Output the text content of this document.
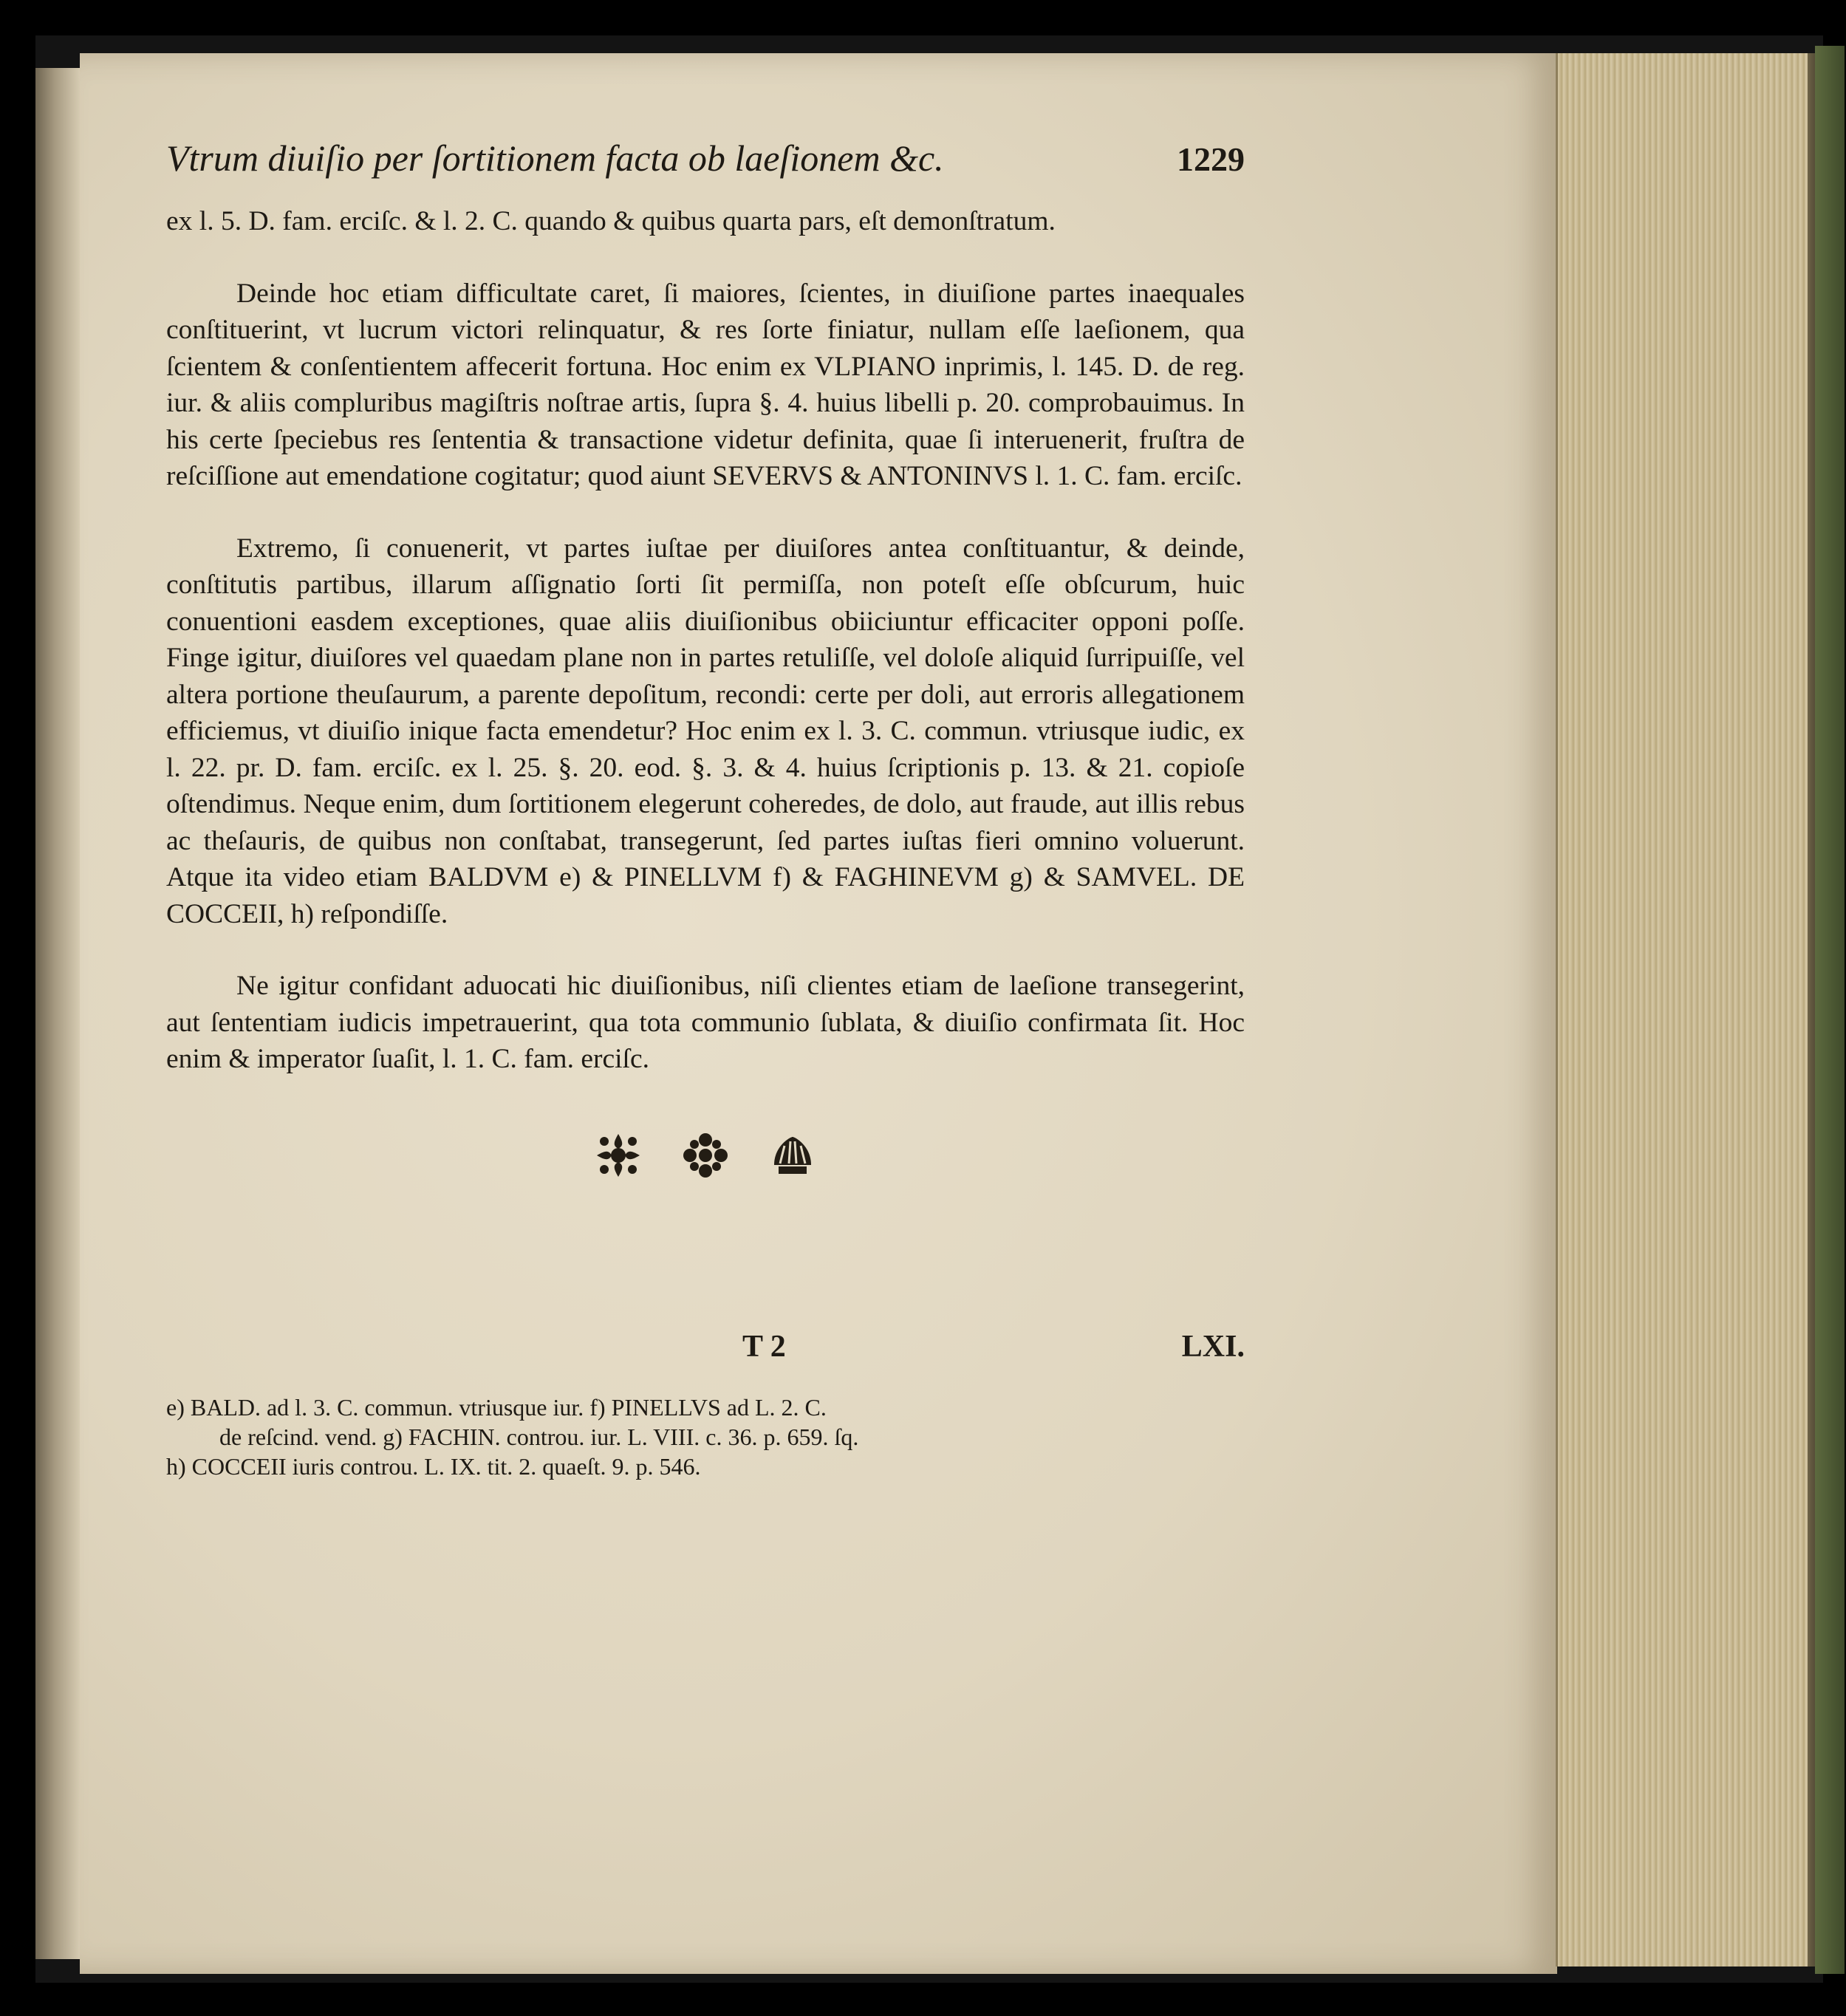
Vtrum diuiſio per ſortitionem facta ob laeſionem &c.	1229

ex l. 5. D. fam. erciſc. & l. 2. C. quando & quibus quarta pars, eſt demonſtratum.

Deinde hoc etiam difficultate caret, ſi maiores, ſcientes, in diuiſione partes inaequales conſtituerint, vt lucrum victori relinquatur, & res ſorte finiatur, nullam eſſe laeſionem, qua ſcientem & conſentientem affecerit fortuna. Hoc enim ex VLPIANO inprimis, l. 145. D. de reg. iur. & aliis compluribus magiſtris noſtrae artis, ſupra §. 4. huius libelli p. 20. comprobauimus. In his certe ſpeciebus res ſententia & transactione videtur definita, quae ſi interuenerit, fruſtra de reſciſſione aut emendatione cogitatur; quod aiunt SEVERVS & ANTONINVS l. 1. C. fam. erciſc.

Extremo, ſi conuenerit, vt partes iuſtae per diuiſores antea conſtituantur, & deinde, conſtitutis partibus, illarum aſſignatio ſorti ſit permiſſa, non poteſt eſſe obſcurum, huic conuentioni easdem exceptiones, quae aliis diuiſionibus obiiciuntur efficaciter opponi poſſe. Finge igitur, diuiſores vel quaedam plane non in partes retuliſſe, vel doloſe aliquid ſurripuiſſe, vel altera portione theuſaurum, a parente depoſitum, recondi: certe per doli, aut erroris allegationem efficiemus, vt diuiſio inique facta emendetur? Hoc enim ex l. 3. C. commun. vtriusque iudic, ex l. 22. pr. D. fam. erciſc. ex l. 25. §. 20. eod. §. 3. & 4. huius ſcriptionis p. 13. & 21. copioſe oſtendimus. Neque enim, dum ſortitionem elegerunt coheredes, de dolo, aut fraude, aut illis rebus ac theſauris, de quibus non conſtabat, transegerunt, ſed partes iuſtas fieri omnino voluerunt. Atque ita video etiam BALDVM e) & PINELLVM f) & FAGHINEVM g) & SAMVEL. DE COCCEII, h) reſpondiſſe.

Ne igitur confidant aduocati hic diuiſionibus, niſi clientes etiam de laeſione transegerint, aut ſententiam iudicis impetrauerint, qua tota communio ſublata, & diuiſio confirmata ſit. Hoc enim & imperator ſuaſit, l. 1. C. fam. erciſc.

T 2	LXI.
e) BALD. ad l. 3. C. commun. vtriusque iur. f) PINELLVS ad L. 2. C.
de reſcind. vend. g) FACHIN. controu. iur. L. VIII. c. 36. p. 659. ſq.
h) COCCEII iuris controu. L. IX. tit. 2. quaeſt. 9. p. 546.
